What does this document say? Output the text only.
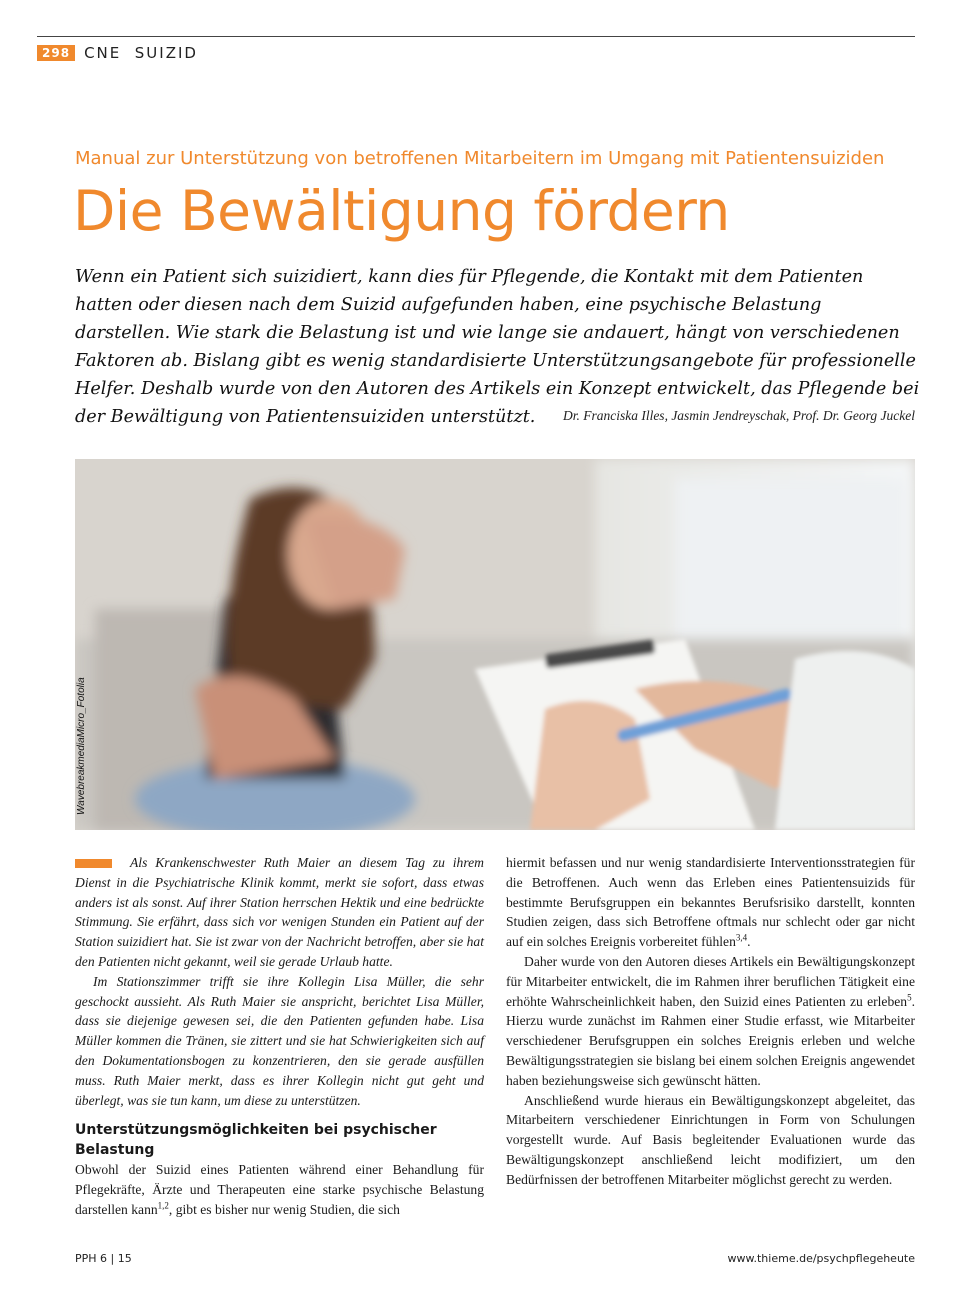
298 CNE  SUIZID
Manual zur Unterstützung von betroffenen Mitarbeitern im Umgang mit Patientensuiziden
Die Bewältigung fördern
Wenn ein Patient sich suizidiert, kann dies für Pflegende, die Kontakt mit dem Patienten hatten oder diesen nach dem Suizid aufgefunden haben, eine psychische Belastung darstellen. Wie stark die Belastung ist und wie lange sie andauert, hängt von verschiedenen Faktoren ab. Bislang gibt es wenig standardisierte Unterstützungsangebote für professionelle Helfer. Deshalb wurde von den Autoren des Artikels ein Konzept entwickelt, das Pflegende bei der Bewältigung von Patientensuiziden unterstützt.	Dr. Franciska Illes, Jasmin Jendreyschak, Prof. Dr. Georg Juckel
WavebreakmediaMicro_Fotolia

Als Krankenschwester Ruth Maier an diesem Tag zu ihrem Dienst in die Psychiatrische Klinik kommt, merkt sie sofort, dass etwas anders ist als sonst. Auf ihrer Station herrschen Hektik und eine bedrückte Stimmung. Sie erfährt, dass sich vor wenigen Stunden ein Patient auf der Station suizidiert hat. Sie ist zwar von der Nachricht betroffen, aber sie hat den Patienten nicht gekannt, weil sie gerade Urlaub hatte.

Im Stationszimmer trifft sie ihre Kollegin Lisa Müller, die sehr geschockt aussieht. Als Ruth Maier sie anspricht, berichtet Lisa Müller, dass sie diejenige gewesen sei, die den Patienten gefunden habe. Lisa Müller kommen die Tränen, sie zittert und sie hat Schwierigkeiten sich auf den Dokumentationsbogen zu konzentrieren, den sie gerade ausfüllen muss. Ruth Maier merkt, dass es ihrer Kollegin nicht gut geht und überlegt, was sie tun kann, um diese zu unterstützen.

Unterstützungsmöglichkeiten bei psychischer Belastung

Obwohl der Suizid eines Patienten während einer Behandlung für Pflegekräfte, Ärzte und Therapeuten eine starke psychische Belastung darstellen kann$^{1,2}$, gibt es bisher nur wenig Studien, die sich

hiermit befassen und nur wenig standardisierte Interventionsstrategien für die Betroffenen. Auch wenn das Erleben eines Patientensuizids für bestimmte Berufsgruppen ein bekanntes Berufsrisiko darstellt, konnten Studien zeigen, dass sich Betroffene oftmals nur schlecht oder gar nicht auf ein solches Ereignis vorbereitet fühlen$^{3,4}$.

Daher wurde von den Autoren dieses Artikels ein Bewältigungskonzept für Mitarbeiter entwickelt, die im Rahmen ihrer beruflichen Tätigkeit eine erhöhte Wahrscheinlichkeit haben, den Suizid eines Patienten zu erleben$^5$. Hierzu wurde zunächst im Rahmen einer Studie erfasst, wie Mitarbeiter verschiedener Berufsgruppen ein solches Ereignis erleben und welche Bewältigungsstrategien sie bislang bei einem solchen Ereignis angewendet haben beziehungsweise sich gewünscht hätten.

Anschließend wurde hieraus ein Bewältigungskonzept abgeleitet, das Mitarbeitern verschiedener Einrichtungen in Form von Schulungen vorgestellt wurde. Auf Basis begleitender Evaluationen wurde das Bewältigungskonzept anschließend leicht modifiziert, um den Bedürfnissen der betroffenen Mitarbeiter möglichst gerecht zu werden.

PPH 6 | 15	www.thieme.de/psychpflegeheute
